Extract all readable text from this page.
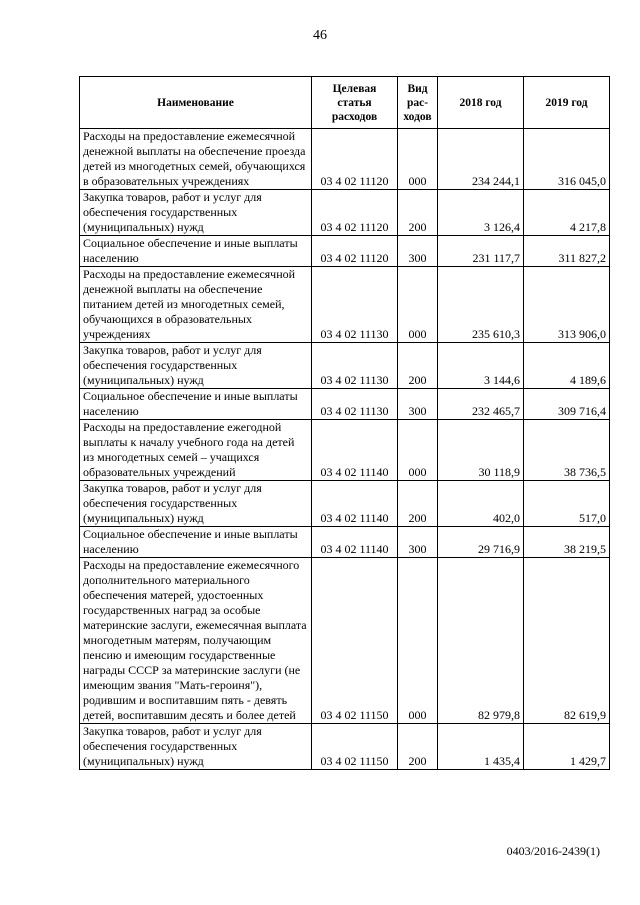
46
Наименование	Целевая статья расходов	Вид рас-ходов	2018 год	2019 год
Расходы на предоставление ежемесячной денежной выплаты на обеспечение проезда детей из многодетных семей, обучающихся в образовательных учреждениях	03 4 02 11120	000	234 244,1	316 045,0
Закупка товаров, работ и услуг для обеспечения государственных (муниципальных) нужд	03 4 02 11120	200	3 126,4	4 217,8
Социальное обеспечение и иные выплаты населению	03 4 02 11120	300	231 117,7	311 827,2
Расходы на предоставление ежемесячной денежной выплаты на обеспечение питанием детей из многодетных семей, обучающихся в образовательных учреждениях	03 4 02 11130	000	235 610,3	313 906,0
Закупка товаров, работ и услуг для обеспечения государственных (муниципальных) нужд	03 4 02 11130	200	3 144,6	4 189,6
Социальное обеспечение и иные выплаты населению	03 4 02 11130	300	232 465,7	309 716,4
Расходы на предоставление ежегодной выплаты к началу учебного года на детей из многодетных семей – учащихся образовательных учреждений	03 4 02 11140	000	30 118,9	38 736,5
Закупка товаров, работ и услуг для обеспечения государственных (муниципальных) нужд	03 4 02 11140	200	402,0	517,0
Социальное обеспечение и иные выплаты населению	03 4 02 11140	300	29 716,9	38 219,5
Расходы на предоставление ежемесячного дополнительного материального обеспечения матерей, удостоенных государственных наград за особые материнские заслуги, ежемесячная выплата многодетным матерям, получающим пенсию и имеющим государственные награды СССР за материнские заслуги (не имеющим звания "Мать-героиня"), родившим и воспитавшим пять - девять детей, воспитавшим десять и более детей	03 4 02 11150	000	82 979,8	82 619,9
Закупка товаров, работ и услуг для обеспечения государственных (муниципальных) нужд	03 4 02 11150	200	1 435,4	1 429,7
0403/2016-2439(1)
